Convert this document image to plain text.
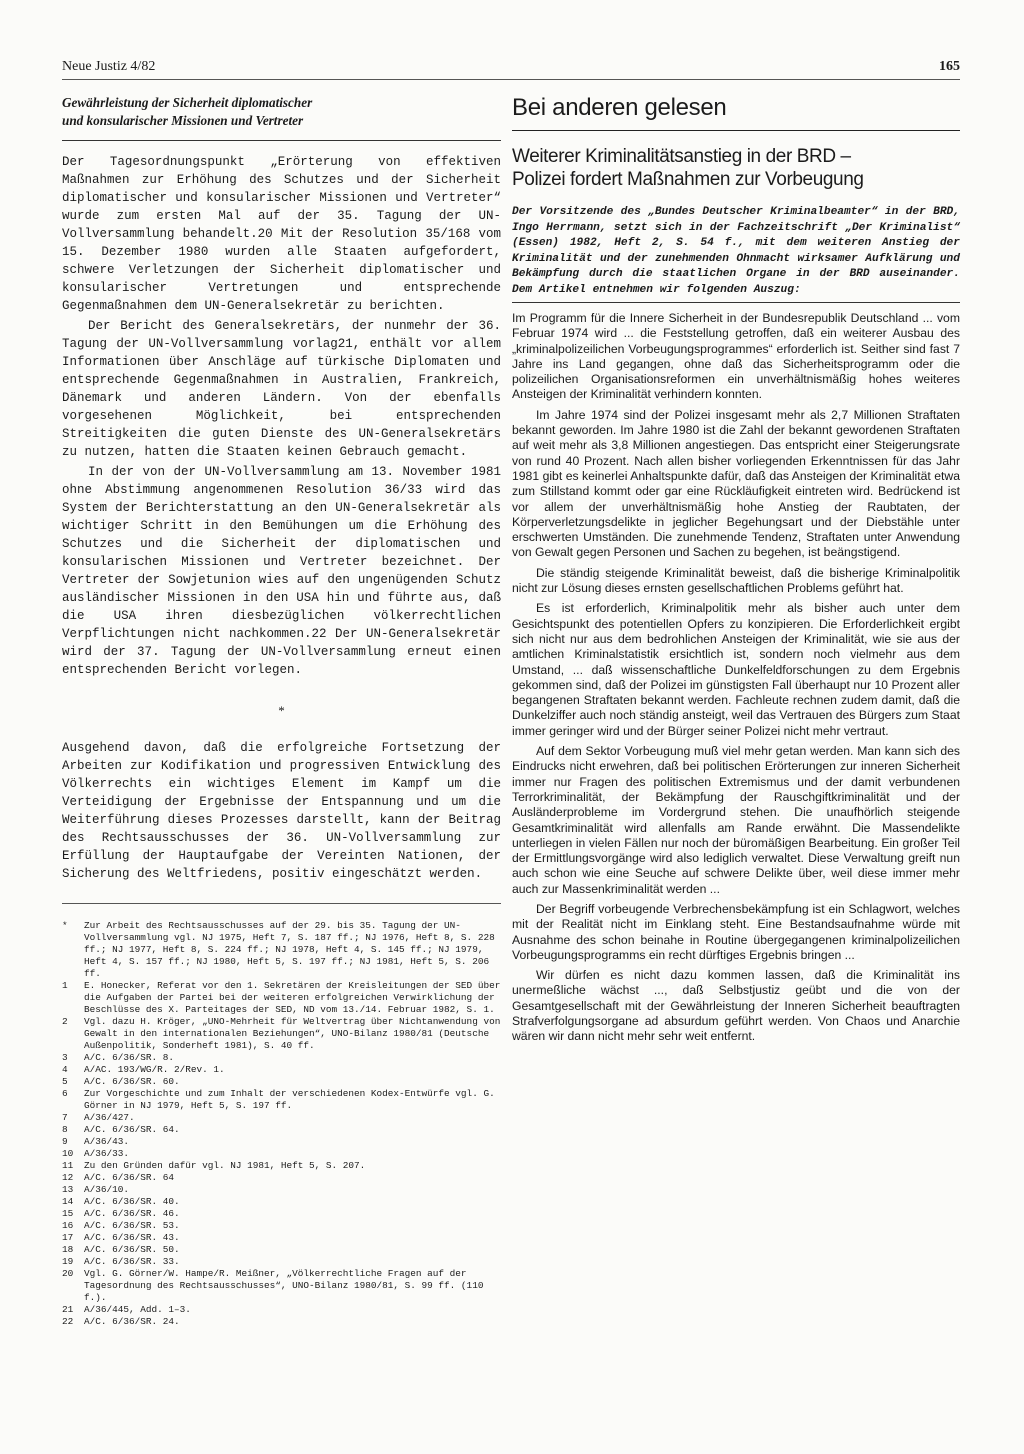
Neue Justiz 4/82	165

Gewährleistung der Sicherheit diplomatischer
und konsularischer Missionen und Vertreter

Der Tagesordnungspunkt „Erörterung von effektiven Maßnahmen zur Erhöhung des Schutzes und der Sicherheit diplomatischer und konsularischer Missionen und Vertreter“ wurde zum ersten Mal auf der 35. Tagung der UN-Vollversammlung behandelt.20 Mit der Resolution 35/168 vom 15. Dezember 1980 wurden alle Staaten aufgefordert, schwere Verletzungen der Sicherheit diplomatischer und konsularischer Vertretungen und entsprechende Gegenmaßnahmen dem UN-Generalsekretär zu berichten.

Der Bericht des Generalsekretärs, der nunmehr der 36. Tagung der UN-Vollversammlung vorlag21, enthält vor allem Informationen über Anschläge auf türkische Diplomaten und entsprechende Gegenmaßnahmen in Australien, Frankreich, Dänemark und anderen Ländern. Von der ebenfalls vorgesehenen Möglichkeit, bei entsprechenden Streitigkeiten die guten Dienste des UN-Generalsekretärs zu nutzen, hatten die Staaten keinen Gebrauch gemacht.

In der von der UN-Vollversammlung am 13. November 1981 ohne Abstimmung angenommenen Resolution 36/33 wird das System der Berichterstattung an den UN-Generalsekretär als wichtiger Schritt in den Bemühungen um die Erhöhung des Schutzes und die Sicherheit der diplomatischen und konsularischen Missionen und Vertreter bezeichnet. Der Vertreter der Sowjetunion wies auf den ungenügenden Schutz ausländischer Missionen in den USA hin und führte aus, daß die USA ihren diesbezüglichen völkerrechtlichen Verpflichtungen nicht nachkommen.22 Der UN-Generalsekretär wird der 37. Tagung der UN-Vollversammlung erneut einen entsprechenden Bericht vorlegen.

*

Ausgehend davon, daß die erfolgreiche Fortsetzung der Arbeiten zur Kodifikation und progressiven Entwicklung des Völkerrechts ein wichtiges Element im Kampf um die Verteidigung der Ergebnisse der Entspannung und um die Weiterführung dieses Prozesses darstellt, kann der Beitrag des Rechtsausschusses der 36. UN-Vollversammlung zur Erfüllung der Hauptaufgabe der Vereinten Nationen, der Sicherung des Weltfriedens, positiv eingeschätzt werden.

*	Zur Arbeit des Rechtsausschusses auf der 29. bis 35. Tagung der UN-Vollversammlung vgl. NJ 1975, Heft 7, S. 187 ff.; NJ 1976, Heft 8, S. 228 ff.; NJ 1977, Heft 8, S. 224 ff.; NJ 1978, Heft 4, S. 145 ff.; NJ 1979, Heft 4, S. 157 ff.; NJ 1980, Heft 5, S. 197 ff.; NJ 1981, Heft 5, S. 206 ff.
1	E. Honecker, Referat vor den 1. Sekretären der Kreisleitungen der SED über die Aufgaben der Partei bei der weiteren erfolgreichen Verwirklichung der Beschlüsse des X. Parteitages der SED, ND vom 13./14. Februar 1982, S. 1.
2	Vgl. dazu H. Kröger, „UNO-Mehrheit für Weltvertrag über Nichtanwendung von Gewalt in den internationalen Beziehungen“, UNO-Bilanz 1980/81 (Deutsche Außenpolitik, Sonderheft 1981), S. 40 ff.
3	A/C. 6/36/SR. 8.
4	A/AC. 193/WG/R. 2/Rev. 1.
5	A/C. 6/36/SR. 60.
6	Zur Vorgeschichte und zum Inhalt der verschiedenen Kodex-Entwürfe vgl. G. Görner in NJ 1979, Heft 5, S. 197 ff.
7	A/36/427.
8	A/C. 6/36/SR. 64.
9	A/36/43.
10	A/36/33.
11	Zu den Gründen dafür vgl. NJ 1981, Heft 5, S. 207.
12	A/C. 6/36/SR. 64
13	A/36/10.
14	A/C. 6/36/SR. 40.
15	A/C. 6/36/SR. 46.
16	A/C. 6/36/SR. 53.
17	A/C. 6/36/SR. 43.
18	A/C. 6/36/SR. 50.
19	A/C. 6/36/SR. 33.
20	Vgl. G. Görner/W. Hampe/R. Meißner, „Völkerrechtliche Fragen auf der Tagesordnung des Rechtsausschusses“, UNO-Bilanz 1980/81, S. 99 ff. (110 f.).
21	A/36/445, Add. 1–3.
22	A/C. 6/36/SR. 24.
Bei anderen gelesen
Weiterer Kriminalitätsanstieg in der BRD –
Polizei fordert Maßnahmen zur Vorbeugung

Der Vorsitzende des „Bundes Deutscher Kriminalbeamter“ in der BRD, Ingo Herrmann, setzt sich in der Fachzeitschrift „Der Kriminalist“ (Essen) 1982, Heft 2, S. 54 f., mit dem weiteren Anstieg der Kriminalität und der zunehmenden Ohnmacht wirksamer Aufklärung und Bekämpfung durch die staatlichen Organe in der BRD auseinander. Dem Artikel entnehmen wir folgenden Auszug:

Im Programm für die Innere Sicherheit in der Bundesrepublik Deutschland ... vom Februar 1974 wird ... die Feststellung getroffen, daß ein weiterer Ausbau des „kriminalpolizeilichen Vorbeugungsprogrammes“ erforderlich ist. Seither sind fast 7 Jahre ins Land gegangen, ohne daß das Sicherheitsprogramm oder die polizeilichen Organisationsreformen ein unverhältnismäßig hohes weiteres Ansteigen der Kriminalität verhindern konnten.

Im Jahre 1974 sind der Polizei insgesamt mehr als 2,7 Millionen Straftaten bekannt geworden. Im Jahre 1980 ist die Zahl der bekannt gewordenen Straftaten auf weit mehr als 3,8 Millionen angestiegen. Das entspricht einer Steigerungsrate von rund 40 Prozent. Nach allen bisher vorliegenden Erkenntnissen für das Jahr 1981 gibt es keinerlei Anhaltspunkte dafür, daß das Ansteigen der Kriminalität etwa zum Stillstand kommt oder gar eine Rückläufigkeit eintreten wird. Bedrückend ist vor allem der unverhältnismäßig hohe Anstieg der Raubtaten, der Körperverletzungsdelikte in jeglicher Begehungsart und der Diebstähle unter erschwerten Umständen. Die zunehmende Tendenz, Straftaten unter Anwendung von Gewalt gegen Personen und Sachen zu begehen, ist beängstigend.

Die ständig steigende Kriminalität beweist, daß die bisherige Kriminalpolitik nicht zur Lösung dieses ernsten gesellschaftlichen Problems geführt hat.

Es ist erforderlich, Kriminalpolitik mehr als bisher auch unter dem Gesichtspunkt des potentiellen Opfers zu konzipieren. Die Erforderlichkeit ergibt sich nicht nur aus dem bedrohlichen Ansteigen der Kriminalität, wie sie aus der amtlichen Kriminalstatistik ersichtlich ist, sondern noch vielmehr aus dem Umstand, ... daß wissenschaftliche Dunkelfeldforschungen zu dem Ergebnis gekommen sind, daß der Polizei im günstigsten Fall überhaupt nur 10 Prozent aller begangenen Straftaten bekannt werden. Fachleute rechnen zudem damit, daß die Dunkelziffer auch noch ständig ansteigt, weil das Vertrauen des Bürgers zum Staat immer geringer wird und der Bürger seiner Polizei nicht mehr vertraut.

Auf dem Sektor Vorbeugung muß viel mehr getan werden. Man kann sich des Eindrucks nicht erwehren, daß bei politischen Erörterungen zur inneren Sicherheit immer nur Fragen des politischen Extremismus und der damit verbundenen Terrorkriminalität, der Bekämpfung der Rauschgiftkriminalität und der Ausländerprobleme im Vordergrund stehen. Die unaufhörlich steigende Gesamtkriminalität wird allenfalls am Rande erwähnt. Die Massendelikte unterliegen in vielen Fällen nur noch der büromäßigen Bearbeitung. Ein großer Teil der Ermittlungsvorgänge wird also lediglich verwaltet. Diese Verwaltung greift nun auch schon wie eine Seuche auf schwere Delikte über, weil diese immer mehr auch zur Massenkriminalität werden ...

Der Begriff vorbeugende Verbrechensbekämpfung ist ein Schlagwort, welches mit der Realität nicht im Einklang steht. Eine Bestandsaufnahme würde mit Ausnahme des schon beinahe in Routine übergegangenen kriminalpolizeilichen Vorbeugungsprogramms ein recht dürftiges Ergebnis bringen ...

Wir dürfen es nicht dazu kommen lassen, daß die Kriminalität ins unermeßliche wächst ..., daß Selbstjustiz geübt und die von der Gesamtgesellschaft mit der Gewährleistung der Inneren Sicherheit beauftragten Strafverfolgungsorgane ad absurdum geführt werden. Von Chaos und Anarchie wären wir dann nicht mehr sehr weit entfernt.
